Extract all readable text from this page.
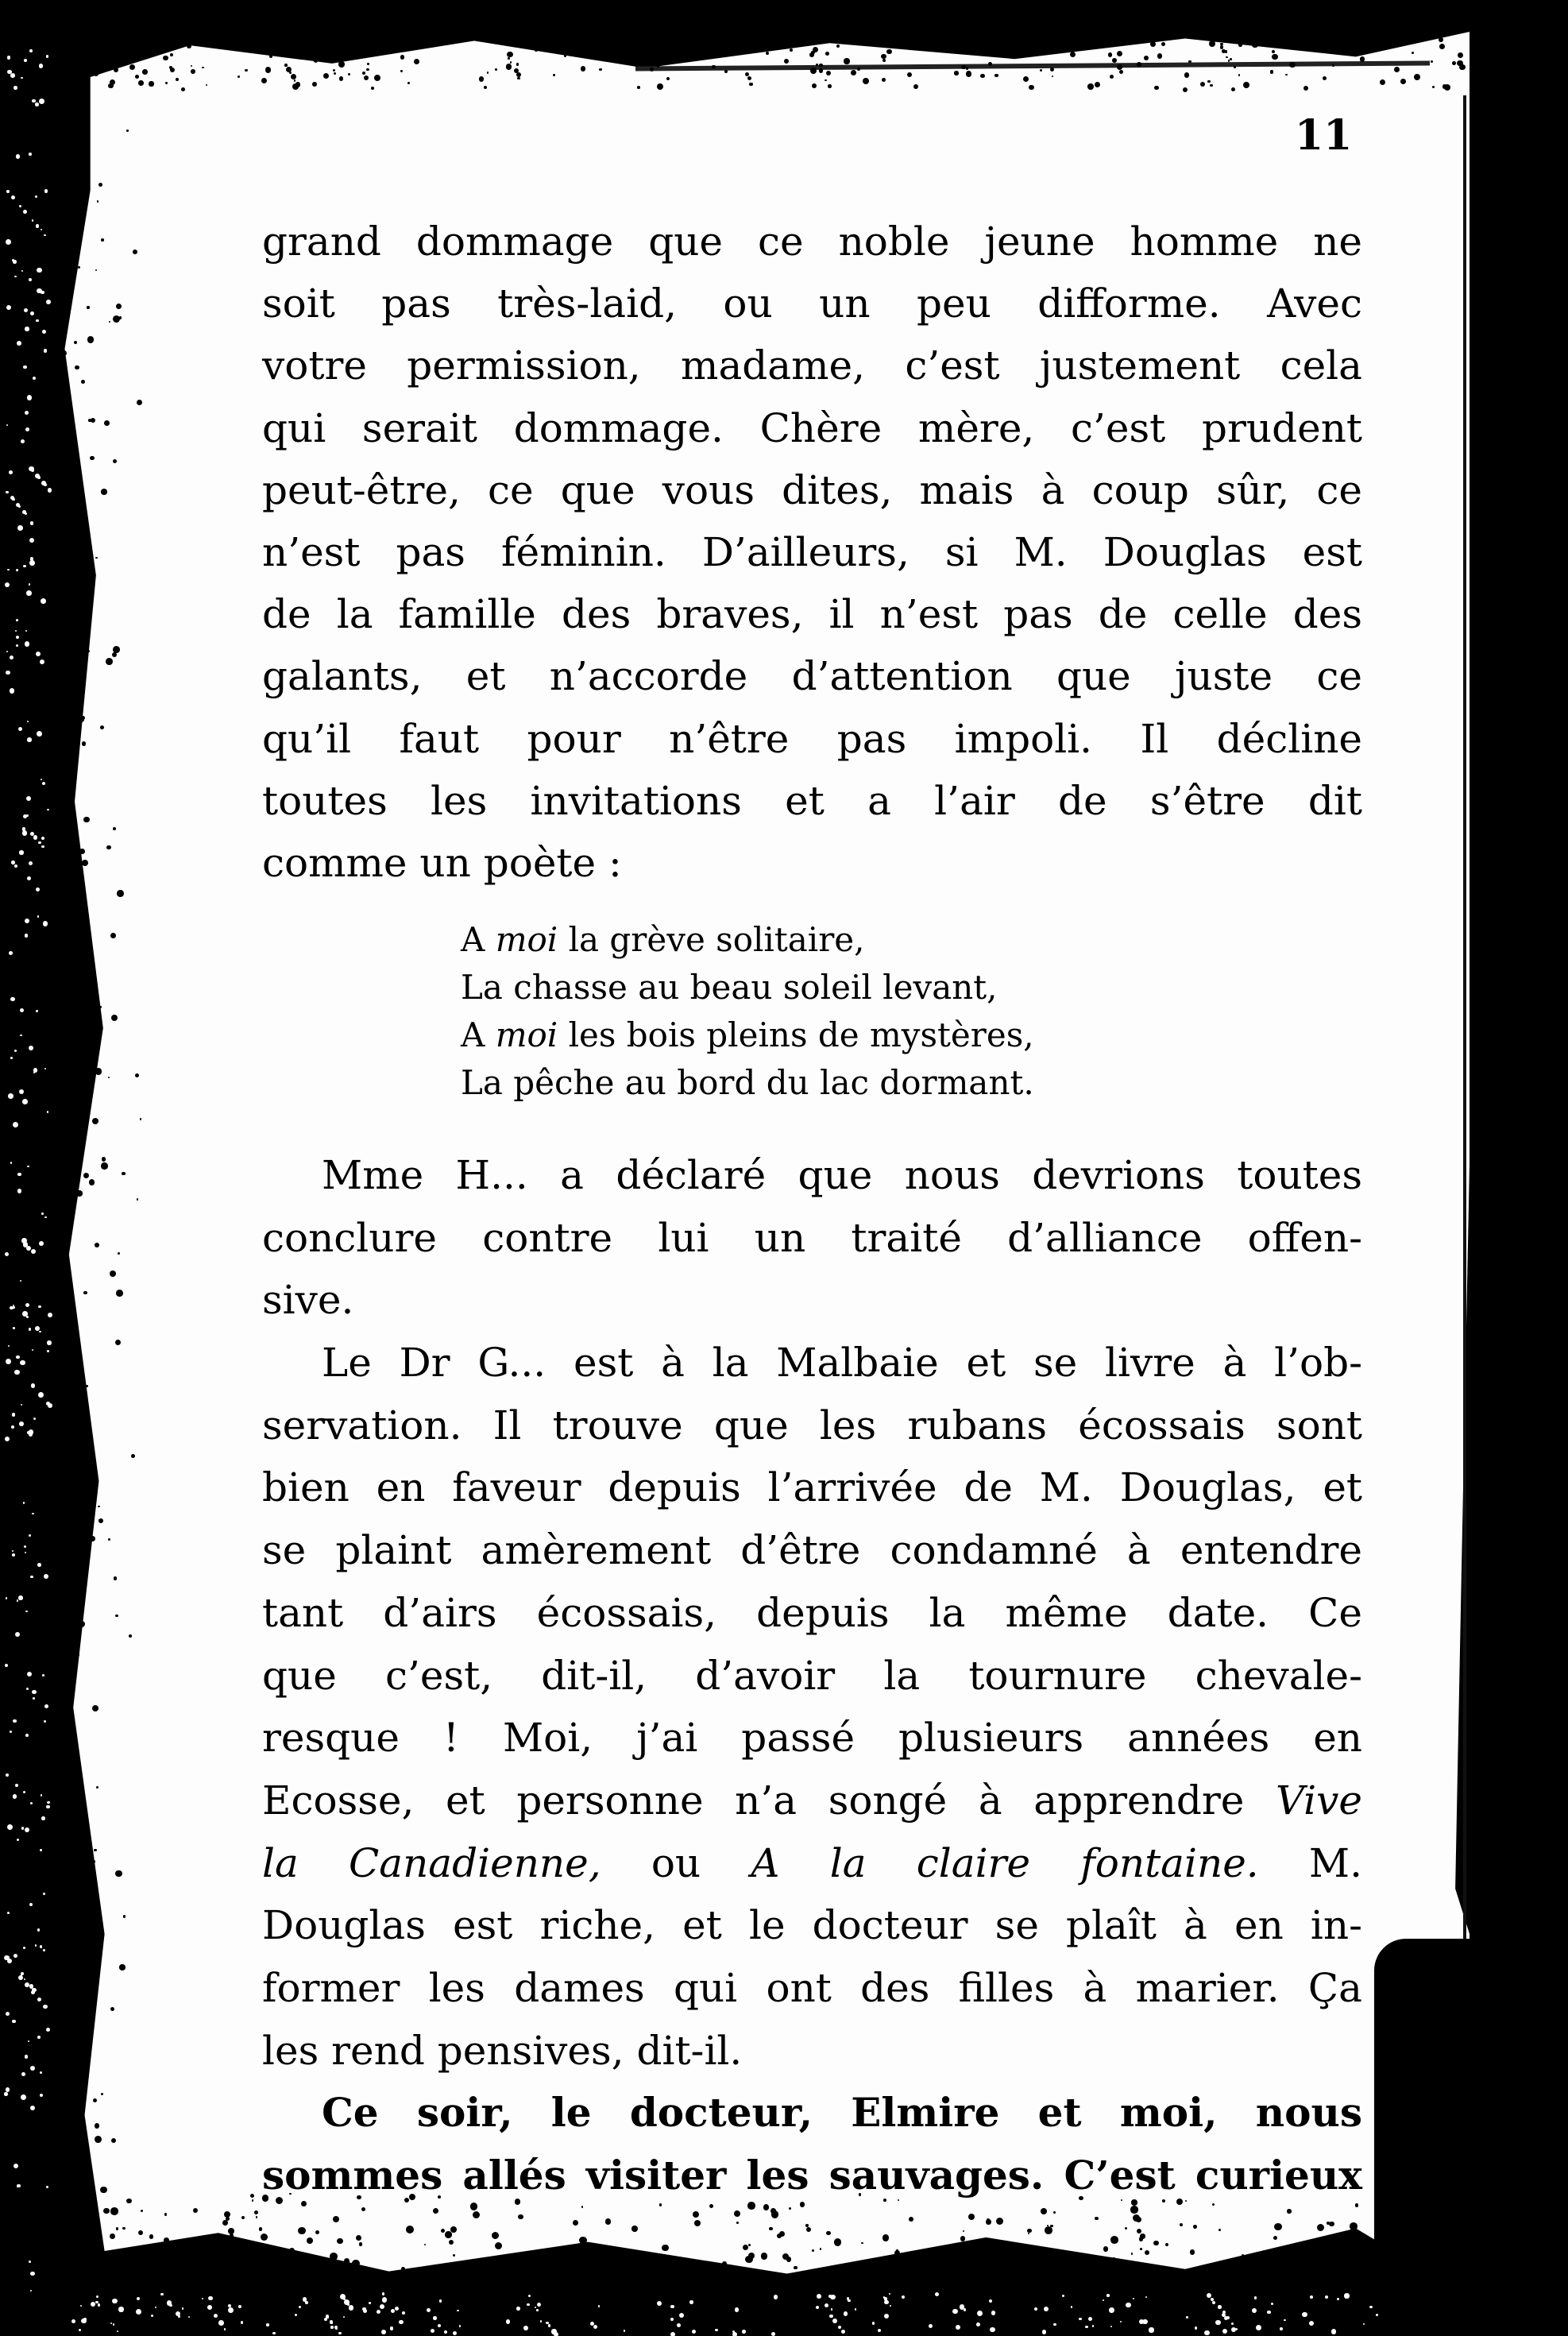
11
grand dommage que ce noble jeune homme ne
soit pas très-laid, ou un peu difforme. Avec
votre permission, madame, c’est justement cela
qui serait dommage. Chère mère, c’est prudent
peut-être, ce que vous dites, mais à coup sûr, ce
n’est pas féminin. D’ailleurs, si M. Douglas est
de la famille des braves, il n’est pas de celle des
galants, et n’accorde d’attention que juste ce
qu’il faut pour n’être pas impoli. Il décline
toutes les invitations et a l’air de s’être dit
comme un poète :
A moi la grève solitaire,
La chasse au beau soleil levant,
A moi les bois pleins de mystères,
La pêche au bord du lac dormant.
Mme H... a déclaré que nous devrions toutes
conclure contre lui un traité d’alliance offen-
sive.
Le Dr G... est à la Malbaie et se livre à l’ob-
servation. Il trouve que les rubans écossais sont
bien en faveur depuis l’arrivée de M. Douglas, et
se plaint amèrement d’être condamné à entendre
tant d’airs écossais, depuis la même date. Ce
que c’est, dit-il, d’avoir la tournure chevale-
resque ! Moi, j’ai passé plusieurs années en
Ecosse, et personne n’a songé à apprendre Vive
la Canadienne, ou A la claire fontaine. M.
Douglas est riche, et le docteur se plaît à en in-
former les dames qui ont des filles à marier. Ça
les rend pensives, dit-il.
Ce soir, le docteur, Elmire et moi, nous
sommes allés visiter les sauvages. C’est curieux
